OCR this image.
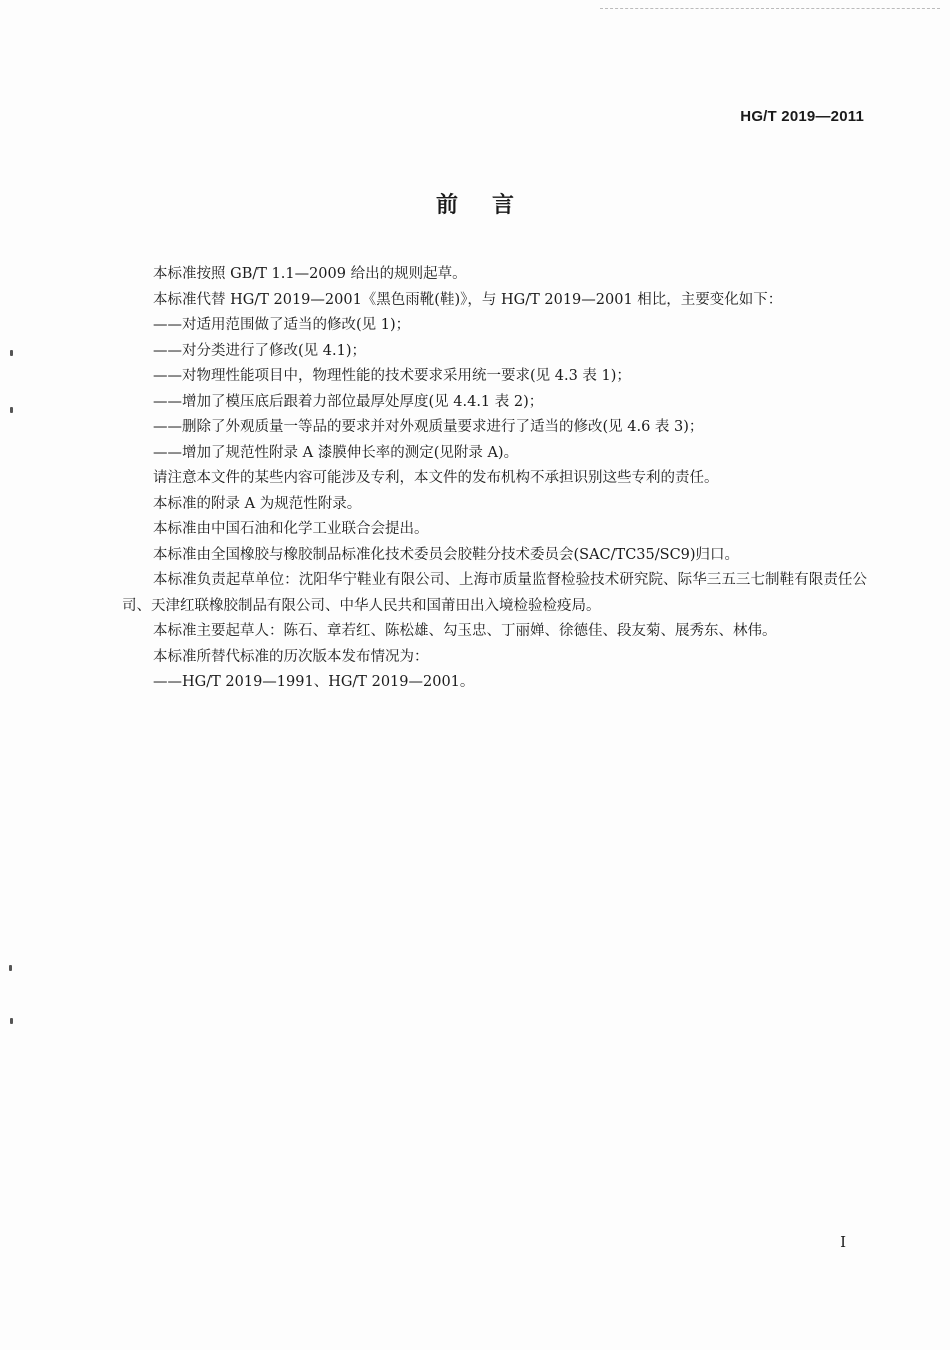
HG/T 2019—2011
前言

本标准按照 GB/T 1.1—2009 给出的规则起草。

本标准代替 HG/T 2019—2001《黑色雨靴(鞋)》，与 HG/T 2019—2001 相比，主要变化如下：

——对适用范围做了适当的修改(见 1)；

——对分类进行了修改(见 4.1)；

——对物理性能项目中，物理性能的技术要求采用统一要求(见 4.3 表 1)；

——增加了模压底后跟着力部位最厚处厚度(见 4.4.1 表 2)；

——删除了外观质量一等品的要求并对外观质量要求进行了适当的修改(见 4.6 表 3)；

——增加了规范性附录 A 漆膜伸长率的测定(见附录 A)。

请注意本文件的某些内容可能涉及专利，本文件的发布机构不承担识别这些专利的责任。

本标准的附录 A 为规范性附录。

本标准由中国石油和化学工业联合会提出。

本标准由全国橡胶与橡胶制品标准化技术委员会胶鞋分技术委员会(SAC/TC35/SC9)归口。

本标准负责起草单位：沈阳华宁鞋业有限公司、上海市质量监督检验技术研究院、际华三五三七制鞋有限责任公司、天津红联橡胶制品有限公司、中华人民共和国莆田出入境检验检疫局。

本标准主要起草人：陈石、章若红、陈松雄、勾玉忠、丁丽婵、徐德佳、段友菊、展秀东、林伟。

本标准所替代标准的历次版本发布情况为：

——HG/T 2019—1991、HG/T 2019—2001。

I
